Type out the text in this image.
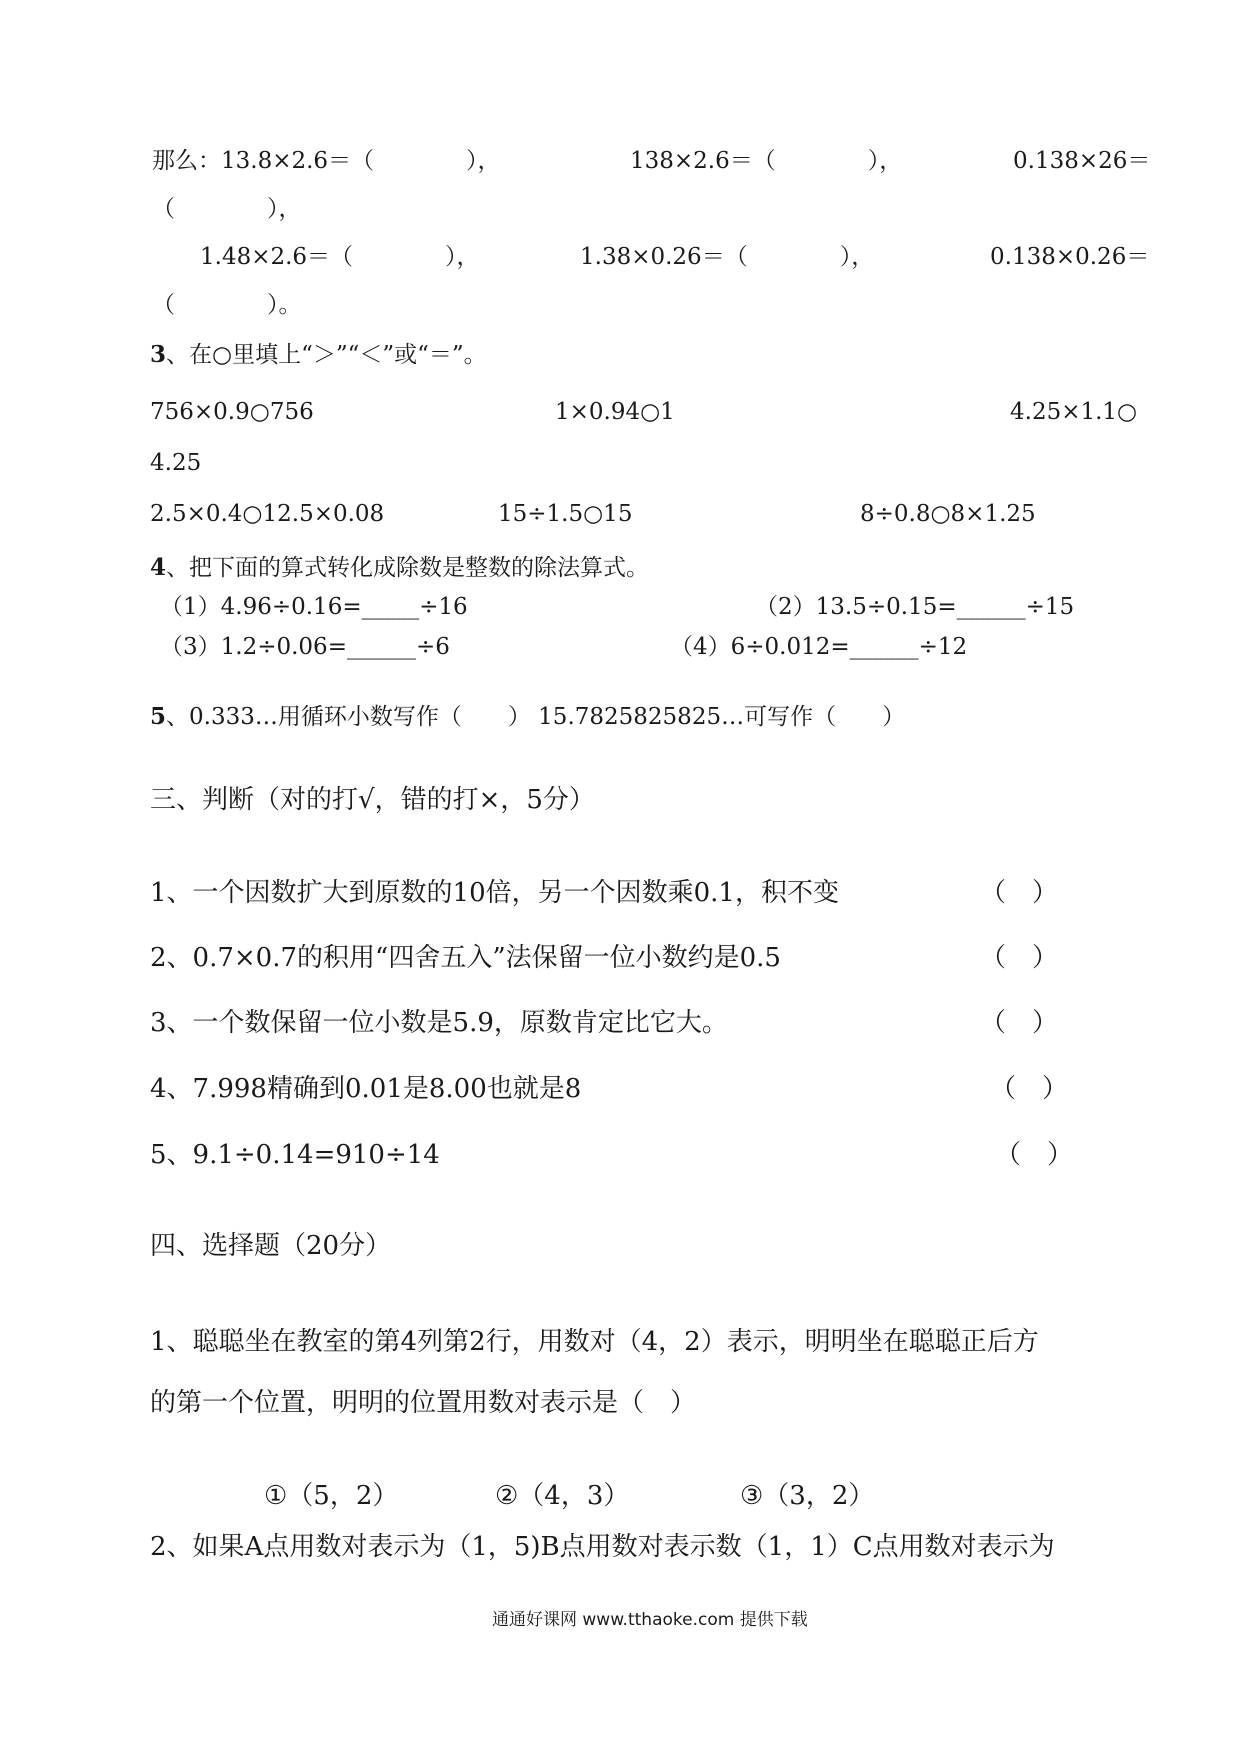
那么：13.8×2.6＝（　　　　），	138×2.6＝（　　　　），	0.138×26＝
（　　　　），
1.48×2.6＝（　　　　），	1.38×0.26＝（　　　　），	0.138×0.26＝
（　　　　）。
3、在○里填上“＞”“＜”或“＝”。
756×0.9○756	1×0.94○1	4.25×1.1○
4.25
2.5×0.4○12.5×0.08	15÷1.5○15	8÷0.8○8×1.25
4、把下面的算式转化成除数是整数的除法算式。
（1）4.96÷0.16=_____÷16	（2）13.5÷0.15=______÷15
（3）1.2÷0.06=______÷6	（4）6÷0.012=______÷12
5、0.333…用循环小数写作（　　） 15.7825825825…可写作（　　）
三、判断（对的打√，错的打×，5分）
1、一个因数扩大到原数的10倍，另一个因数乘0.1，积不变	（　）
2、0.7×0.7的积用“四舍五入”法保留一位小数约是0.5	（　）
3、一个数保留一位小数是5.9，原数肯定比它大。	（　）
4、7.998精确到0.01是8.00也就是8	（　）
5、9.1÷0.14=910÷14	（　）
四、选择题（20分）
1、聪聪坐在教室的第4列第2行，用数对（4，2）表示，明明坐在聪聪正后方
的第一个位置，明明的位置用数对表示是（　）
①（5，2）	②（4，3）	③（3，2）
2、如果A点用数对表示为（1，5)B点用数对表示数（1，1）C点用数对表示为
通通好课网 www.tthaoke.com 提供下载
